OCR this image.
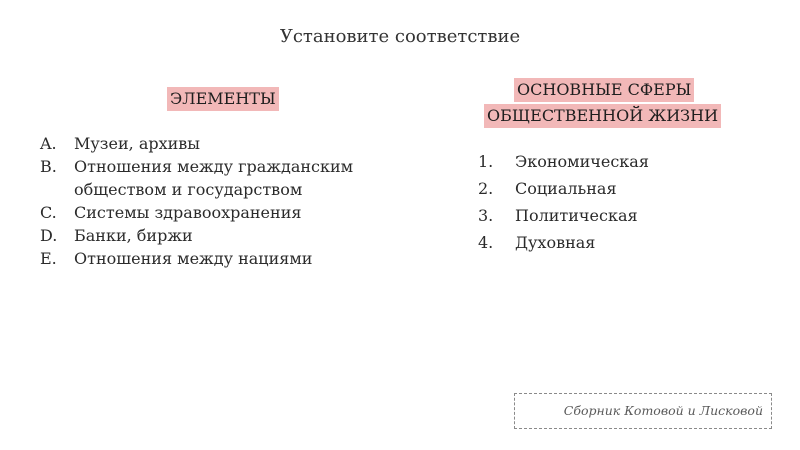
Установите соответствие
ЭЛЕМЕНТЫ
A. Музеи, архивы
B. Отношения между гражданским обществом и государством
C. Системы здравоохранения
D. Банки, биржи
E. Отношения между нациями
ОСНОВНЫЕ СФЕРЫ
ОБЩЕСТВЕННОЙ ЖИЗНИ
1. Экономическая
2. Социальная
3. Политическая
4. Духовная
Сборник Котовой и Лисковой
